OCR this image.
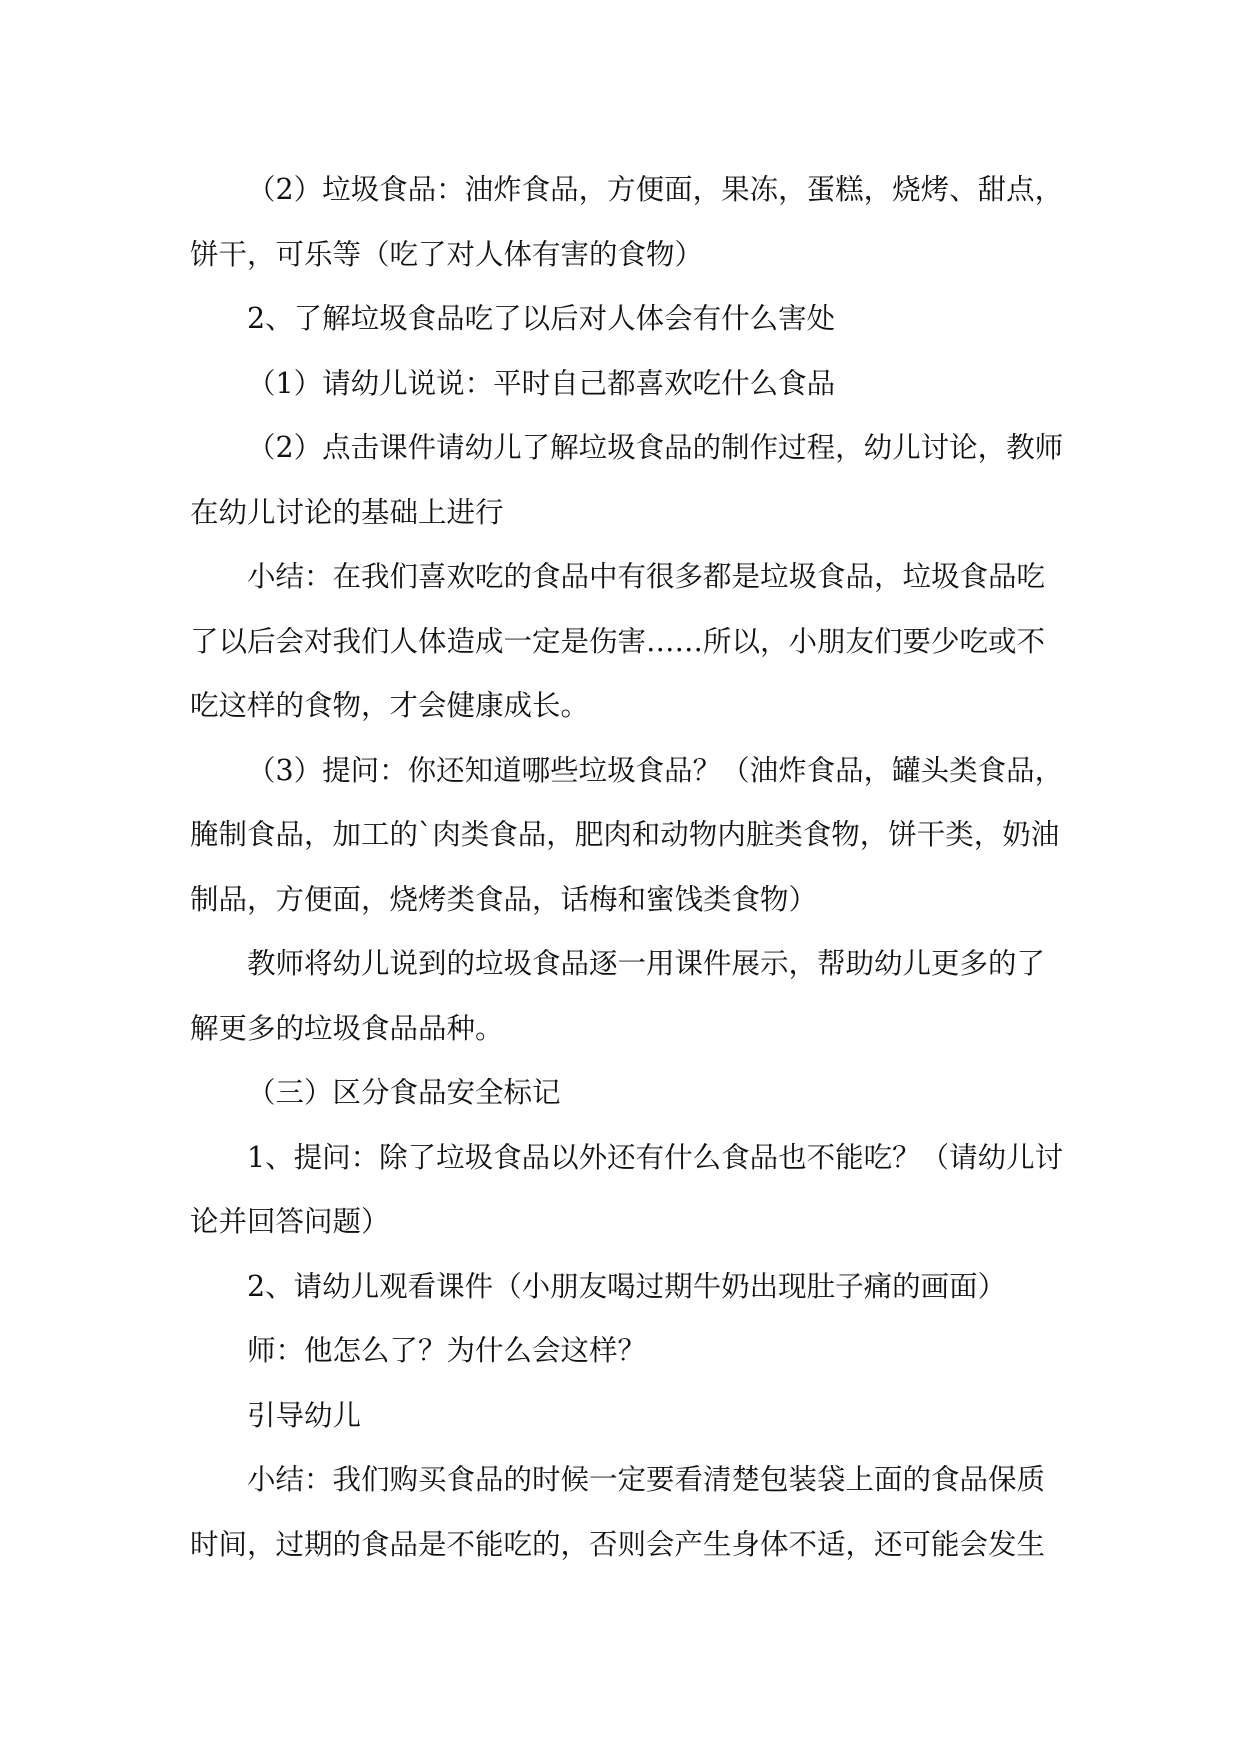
（2）垃圾食品：油炸食品，方便面，果冻，蛋糕，烧烤、甜点，饼干，可乐等（吃了对人体有害的食物）

2、了解垃圾食品吃了以后对人体会有什么害处

（1）请幼儿说说：平时自己都喜欢吃什么食品

（2）点击课件请幼儿了解垃圾食品的制作过程，幼儿讨论，教师在幼儿讨论的基础上进行

小结：在我们喜欢吃的食品中有很多都是垃圾食品，垃圾食品吃了以后会对我们人体造成一定是伤害……所以，小朋友们要少吃或不吃这样的食物，才会健康成长。

（3）提问：你还知道哪些垃圾食品？（油炸食品，罐头类食品，腌制食品，加工的`肉类食品，肥肉和动物内脏类食物，饼干类，奶油制品，方便面，烧烤类食品，话梅和蜜饯类食物）

教师将幼儿说到的垃圾食品逐一用课件展示，帮助幼儿更多的了解更多的垃圾食品品种。

（三）区分食品安全标记

1、提问：除了垃圾食品以外还有什么食品也不能吃？（请幼儿讨论并回答问题）

2、请幼儿观看课件（小朋友喝过期牛奶出现肚子痛的画面）

师：他怎么了？为什么会这样？

引导幼儿

小结：我们购买食品的时候一定要看清楚包装袋上面的食品保质时间，过期的食品是不能吃的，否则会产生身体不适，还可能会发生
